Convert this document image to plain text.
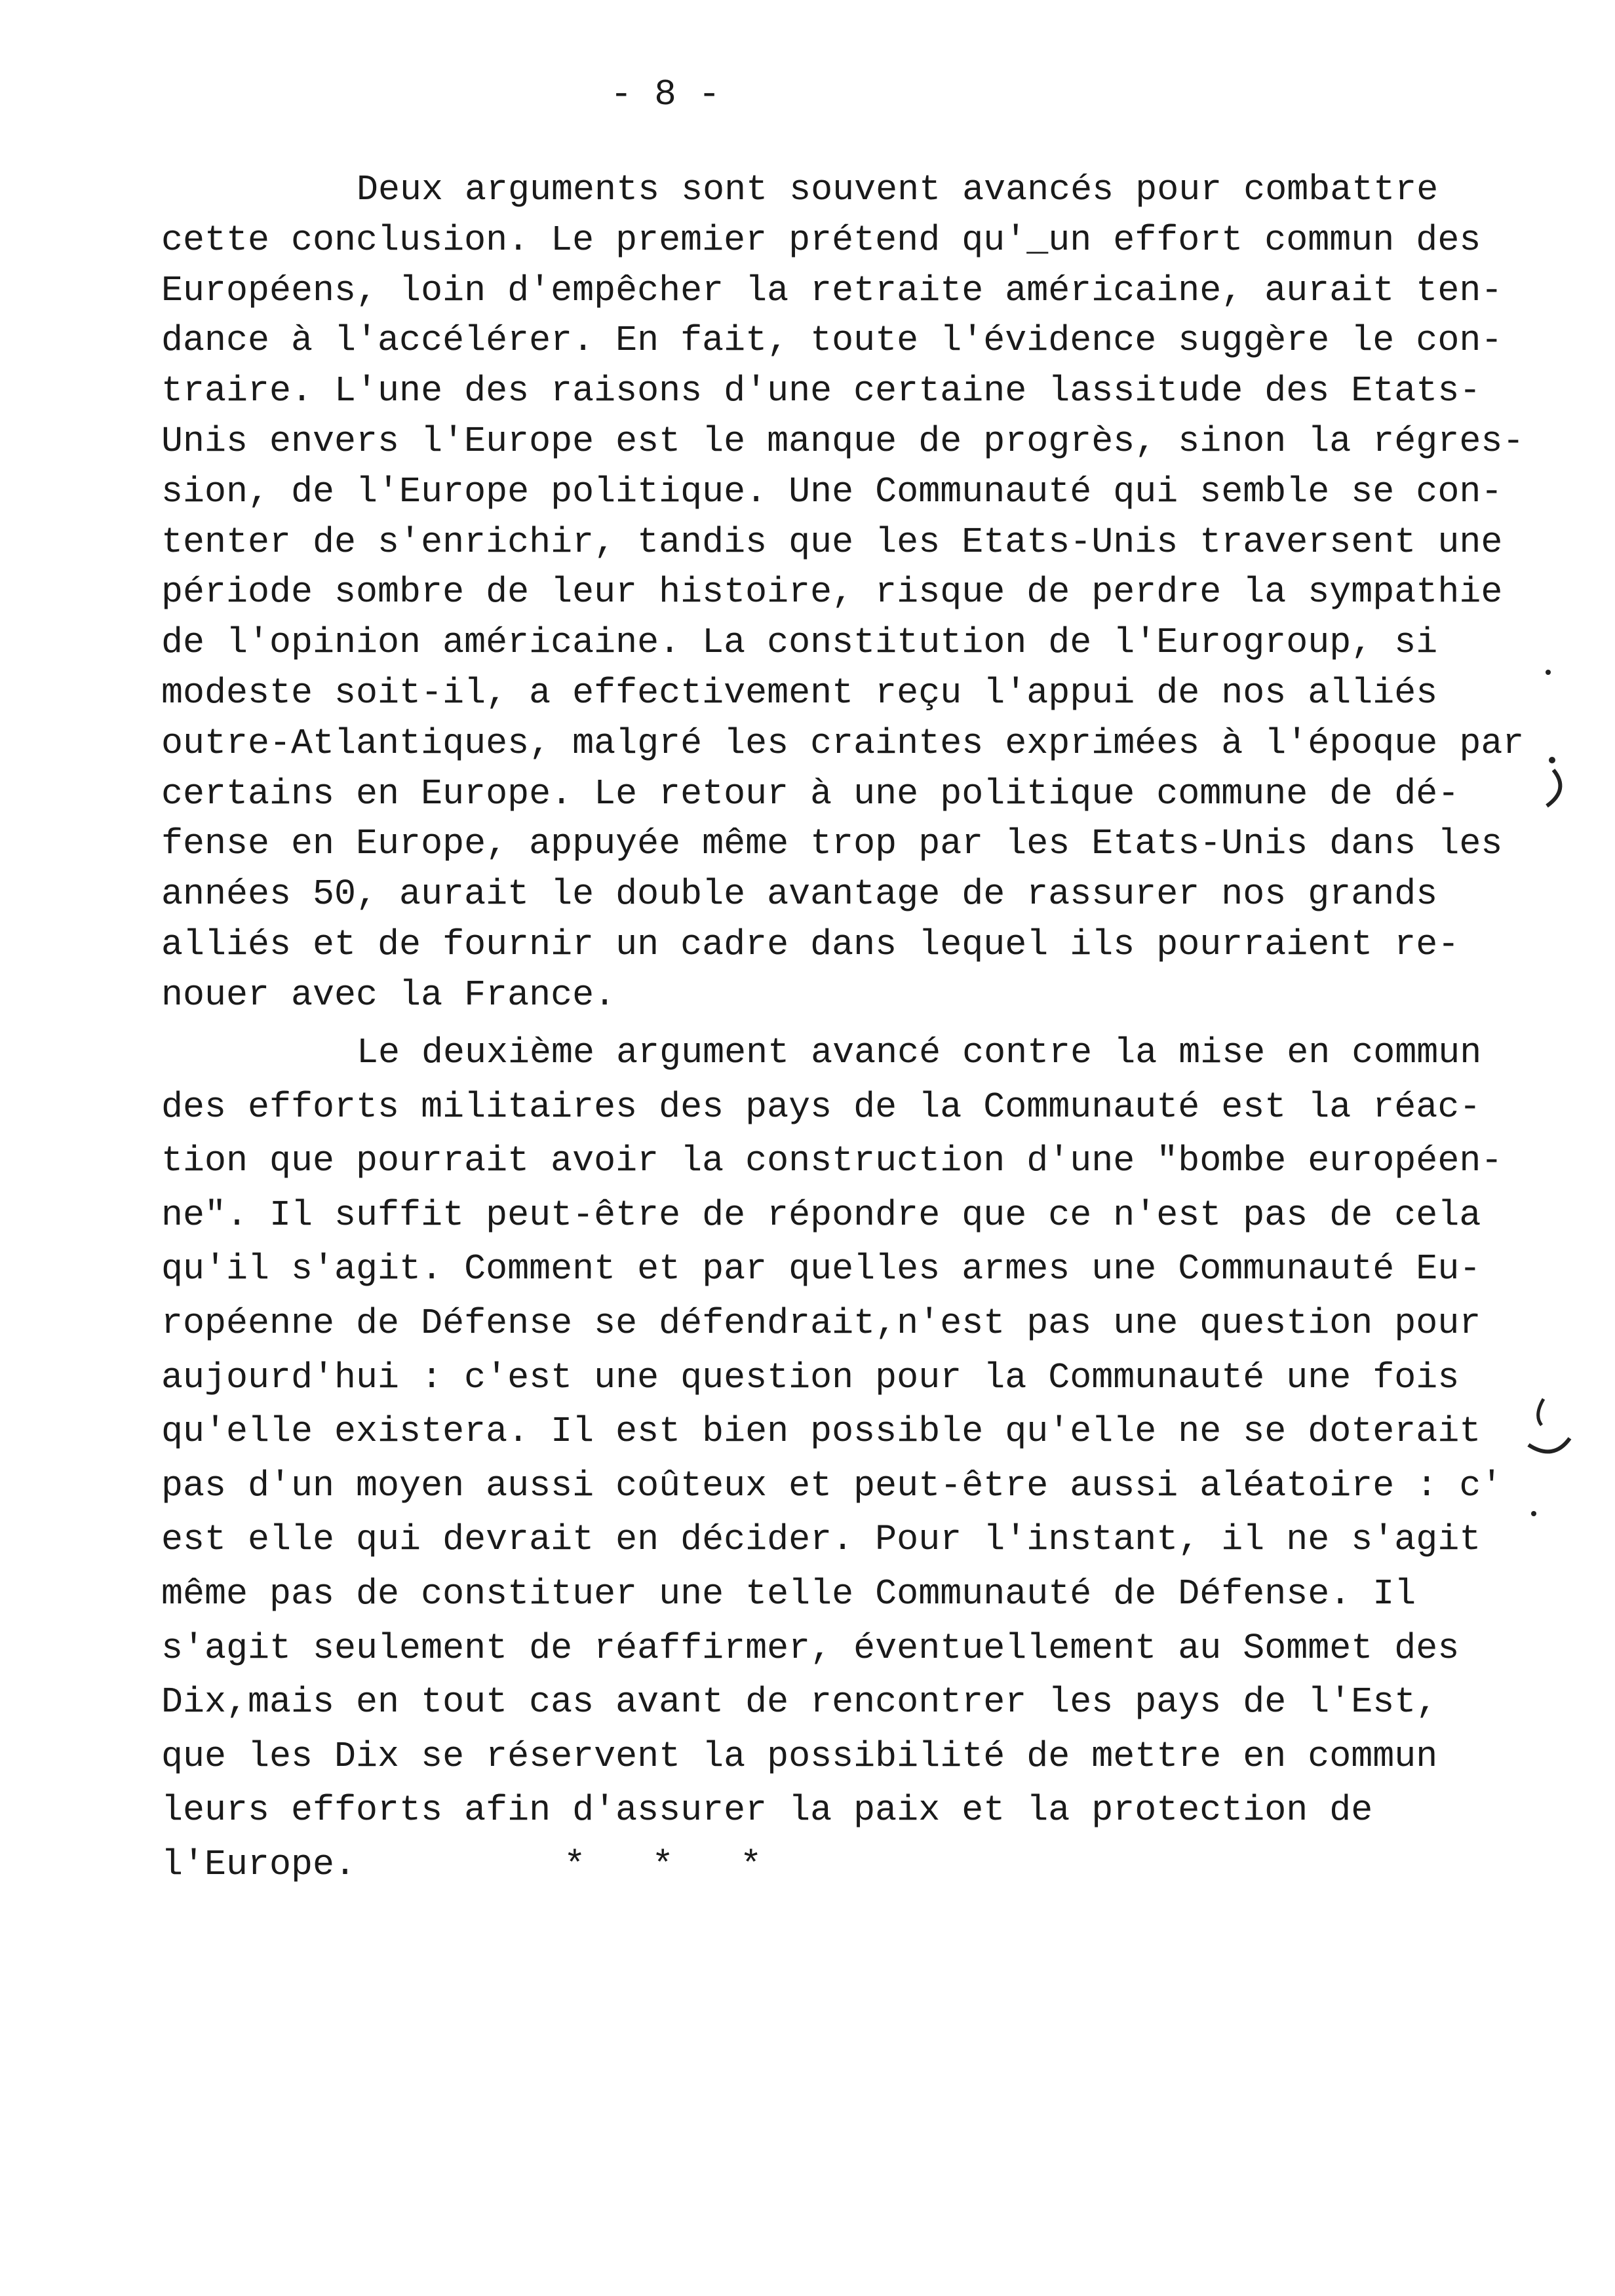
- 8 -
Deux arguments sont souvent avancés pour combattre
cette conclusion. Le premier prétend qu'_un effort commun des
Européens, loin d'empêcher la retraite américaine, aurait ten-
dance à l'accélérer. En fait, toute l'évidence suggère le con-
traire. L'une des raisons d'une certaine lassitude des Etats-
Unis envers l'Europe est le manque de progrès, sinon la régres-
sion, de l'Europe politique. Une Communauté qui semble se con-
tenter de s'enrichir, tandis que les Etats-Unis traversent une
période sombre de leur histoire, risque de perdre la sympathie
de l'opinion américaine. La constitution de l'Eurogroup, si
modeste soit-il, a effectivement reçu l'appui de nos alliés
outre-Atlantiques, malgré les craintes exprimées à l'époque par
certains en Europe. Le retour à une politique commune de dé-
fense en Europe, appuyée même trop par les Etats-Unis dans les
années 50, aurait le double avantage de rassurer nos grands
alliés et de fournir un cadre dans lequel ils pourraient re-
nouer avec la France.
Le deuxième argument avancé contre la mise en commun
des efforts militaires des pays de la Communauté est la réac-
tion que pourrait avoir la construction d'une "bombe européen-
ne". Il suffit peut-être de répondre que ce n'est pas de cela
qu'il s'agit. Comment et par quelles armes une Communauté Eu-
ropéenne de Défense se défendrait,n'est pas une question pour
aujourd'hui : c'est une question pour la Communauté une fois
qu'elle existera. Il est bien possible qu'elle ne se doterait
pas d'un moyen aussi coûteux et peut-être aussi aléatoire : c'
est elle qui devrait en décider. Pour l'instant, il ne s'agit
même pas de constituer une telle Communauté de Défense. Il
s'agit seulement de réaffirmer, éventuellement au Sommet des
Dix,mais en tout cas avant de rencontrer les pays de l'Est,
que les Dix se réservent la possibilité de mettre en commun
leurs efforts afin d'assurer la paix et la protection de
l'Europe.	*   *   *
